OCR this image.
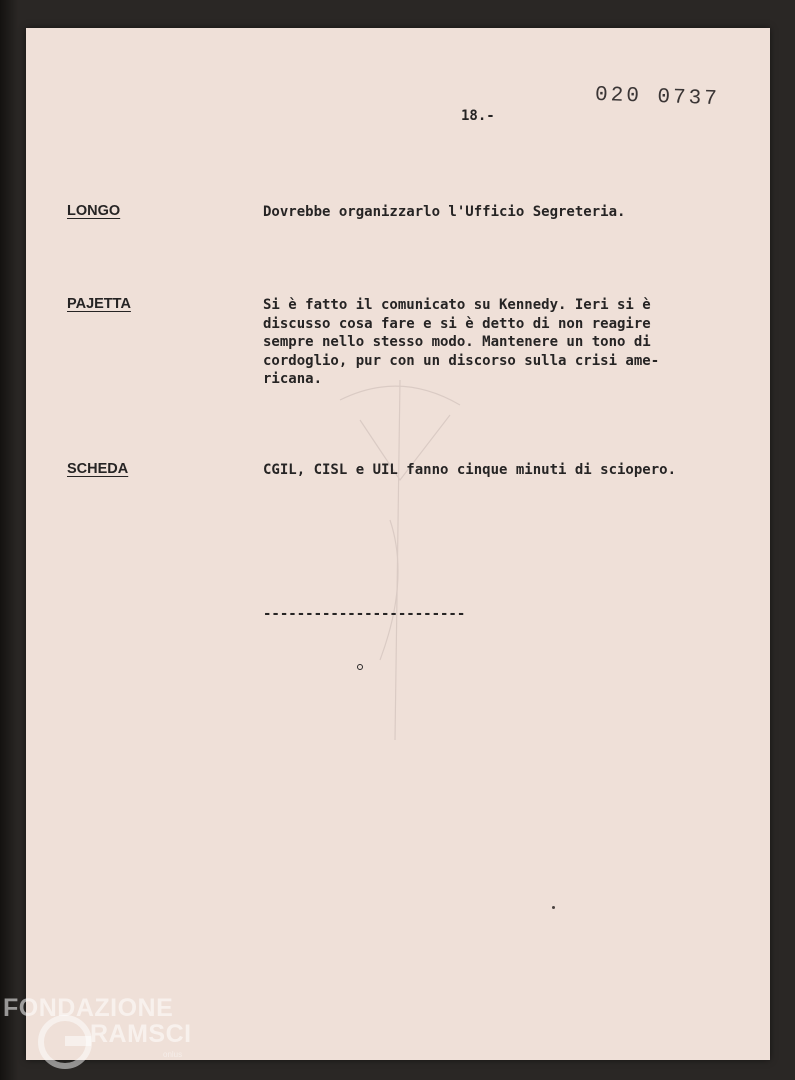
020 0737
18.-
LONGO	Dovrebbe organizzarlo l'Ufficio Segreteria.
PAJETTA	Si è fatto il comunicato su Kennedy. Ieri si è
discusso cosa fare e si è detto di non reagire
sempre nello stesso modo. Mantenere un tono di
cordoglio, pur con un discorso sulla crisi ame-
ricana.
SCHEDA	CGIL, CISL e UIL fanno cinque minuti di sciopero.
------------------------
FONDAZIONE
RAMSCI
onlus
